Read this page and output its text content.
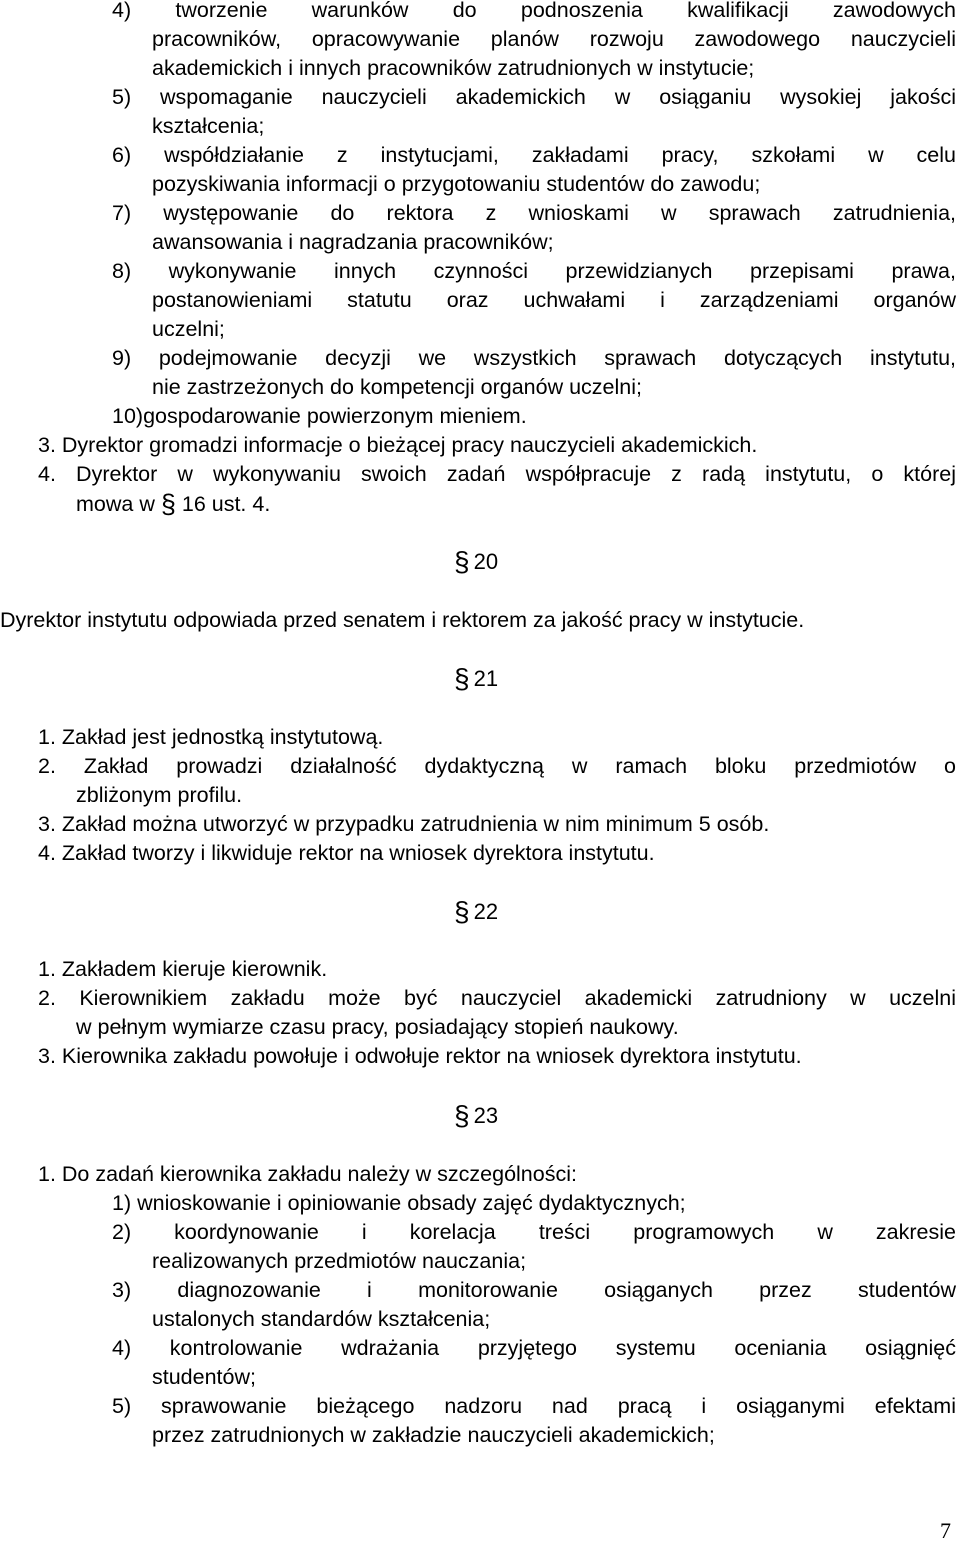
4) tworzenie warunków do podnoszenia kwalifikacji zawodowych
pracowników, opracowywanie planów rozwoju zawodowego nauczycieli
akademickich i innych pracowników zatrudnionych w instytucie;
5) wspomaganie nauczycieli akademickich w osiąganiu wysokiej jakości
kształcenia;
6) współdziałanie z instytucjami, zakładami pracy, szkołami w celu
pozyskiwania informacji o przygotowaniu studentów do zawodu;
7) występowanie do rektora z wnioskami w sprawach zatrudnienia,
awansowania i nagradzania pracowników;
8) wykonywanie innych czynności przewidzianych przepisami prawa,
postanowieniami statutu oraz uchwałami i zarządzeniami organów
uczelni;
9) podejmowanie decyzji we wszystkich sprawach dotyczących instytutu,
nie zastrzeżonych do kompetencji organów uczelni;
10)gospodarowanie powierzonym mieniem.
3. Dyrektor gromadzi informacje o bieżącej pracy nauczycieli akademickich.
4. Dyrektor w wykonywaniu swoich zadań współpracuje z radą instytutu, o której
mowa w § 16 ust. 4.
§ 20
Dyrektor instytutu odpowiada przed senatem i rektorem za jakość pracy w instytucie.
§ 21
1. Zakład jest jednostką instytutową.
2. Zakład prowadzi działalność dydaktyczną w ramach bloku przedmiotów o
zbliżonym profilu.
3. Zakład można utworzyć w przypadku zatrudnienia w nim minimum 5 osób.
4. Zakład tworzy i likwiduje rektor na wniosek dyrektora instytutu.
§ 22
1. Zakładem kieruje kierownik.
2. Kierownikiem zakładu może być nauczyciel akademicki zatrudniony w uczelni
w pełnym wymiarze czasu pracy, posiadający stopień naukowy.
3. Kierownika zakładu powołuje i odwołuje rektor na wniosek dyrektora instytutu.
§ 23
1. Do zadań kierownika zakładu należy w szczególności:
1) wnioskowanie i opiniowanie obsady zajęć dydaktycznych;
2) koordynowanie i korelacja treści programowych w zakresie
realizowanych przedmiotów nauczania;
3) diagnozowanie i monitorowanie osiąganych przez studentów
ustalonych standardów kształcenia;
4) kontrolowanie wdrażania przyjętego systemu oceniania osiągnięć
studentów;
5) sprawowanie bieżącego nadzoru nad pracą i osiąganymi efektami
przez zatrudnionych w zakładzie nauczycieli akademickich;
7
